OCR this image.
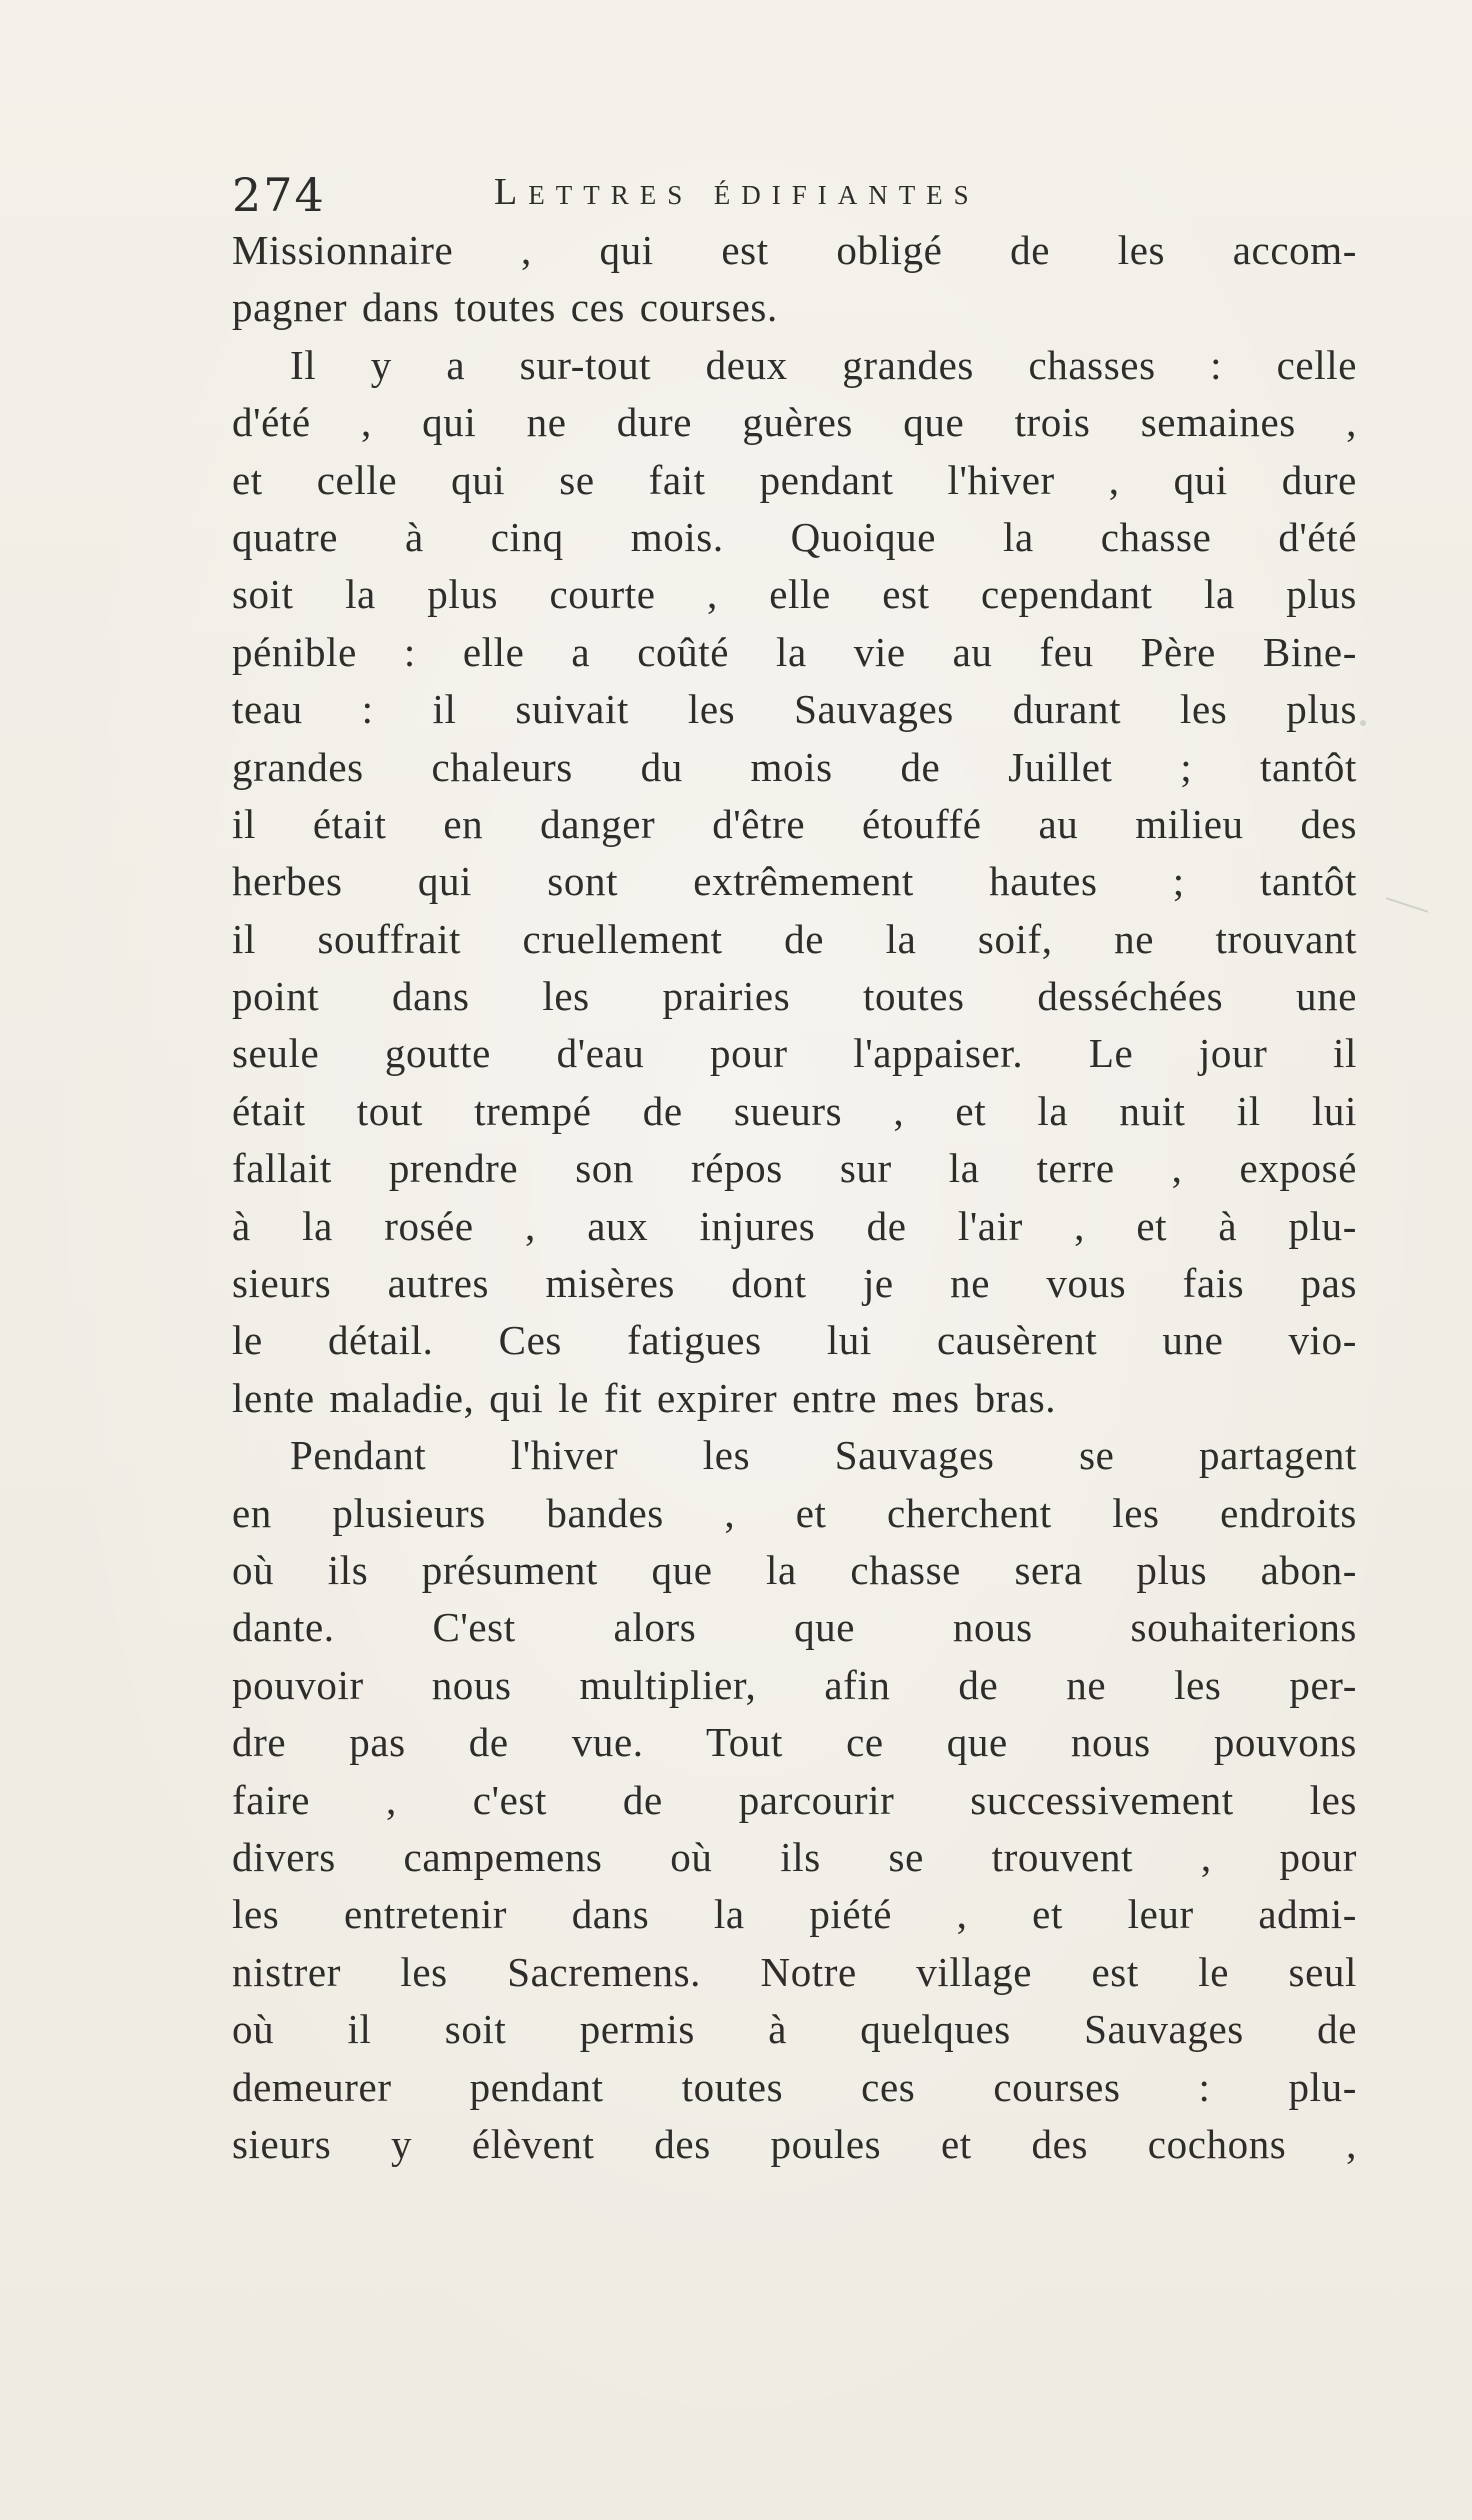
274	Lettres édifiantes
Missionnaire , qui est obligé de les accom-
pagner dans toutes ces courses.
Il y a sur-tout deux grandes chasses : celle
d'été , qui ne dure guères que trois semaines ,
et celle qui se fait pendant l'hiver , qui dure
quatre à cinq mois. Quoique la chasse d'été
soit la plus courte , elle est cependant la plus
pénible : elle a coûté la vie au feu Père Bine-
teau : il suivait les Sauvages durant les plus
grandes chaleurs du mois de Juillet ; tantôt
il était en danger d'être étouffé au milieu des
herbes qui sont extrêmement hautes ; tantôt
il souffrait cruellement de la soif, ne trouvant
point dans les prairies toutes desséchées une
seule goutte d'eau pour l'appaiser. Le jour il
était tout trempé de sueurs , et la nuit il lui
fallait prendre son répos sur la terre , exposé
à la rosée , aux injures de l'air , et à plu-
sieurs autres misères dont je ne vous fais pas
le détail. Ces fatigues lui causèrent une vio-
lente maladie, qui le fit expirer entre mes bras.
Pendant l'hiver les Sauvages se partagent
en plusieurs bandes , et cherchent les endroits
où ils présument que la chasse sera plus abon-
dante. C'est alors que nous souhaiterions
pouvoir nous multiplier, afin de ne les per-
dre pas de vue. Tout ce que nous pouvons
faire , c'est de parcourir successivement les
divers campemens où ils se trouvent , pour
les entretenir dans la piété , et leur admi-
nistrer les Sacremens. Notre village est le seul
où il soit permis à quelques Sauvages de
demeurer pendant toutes ces courses : plu-
sieurs y élèvent des poules et des cochons ,
